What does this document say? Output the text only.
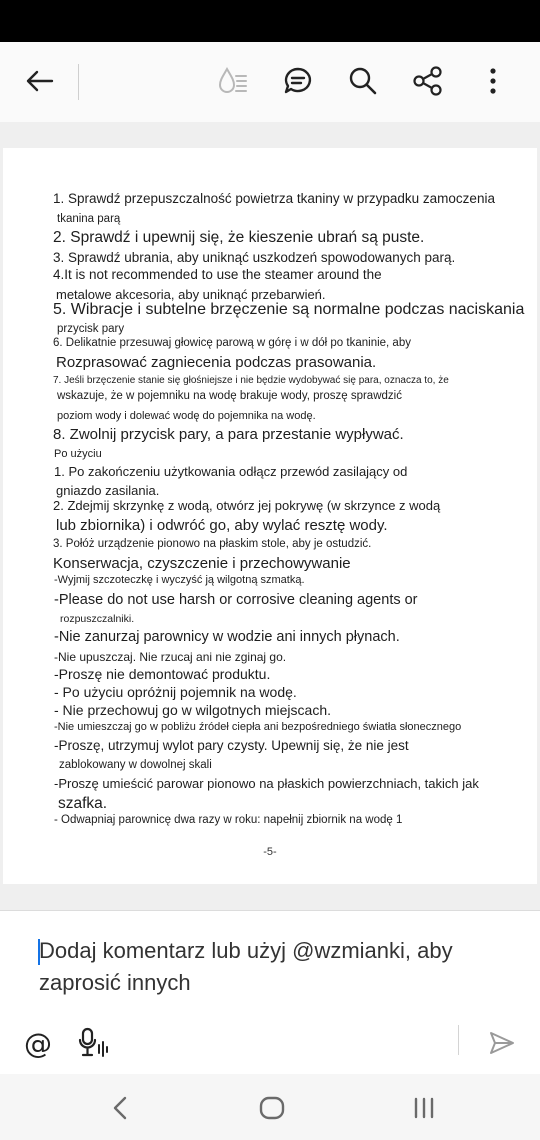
1. Sprawdź przepuszczalność powietrza tkaniny w przypadku zamoczenia
tkanina parą
2. Sprawdź i upewnij się, że kieszenie ubrań są puste.
3. Sprawdź ubrania, aby uniknąć uszkodzeń spowodowanych parą.
4.It is not recommended to use the steamer around the
metalowe akcesoria, aby uniknąć przebarwień.
5. Wibracje i subtelne brzęczenie są normalne podczas naciskania
przycisk pary
6. Delikatnie przesuwaj głowicę parową w górę i w dół po tkaninie, aby
Rozprasować zagniecenia podczas prasowania.
7. Jeśli brzęczenie stanie się głośniejsze i nie będzie wydobywać się para, oznacza to, że
wskazuje, że w pojemniku na wodę brakuje wody, proszę sprawdzić
poziom wody i dolewać wodę do pojemnika na wodę.
8. Zwolnij przycisk pary, a para przestanie wypływać.
Po użyciu
1. Po zakończeniu użytkowania odłącz przewód zasilający od
gniazdo zasilania.
2. Zdejmij skrzynkę z wodą, otwórz jej pokrywę (w skrzynce z wodą
lub zbiornika) i odwróć go, aby wylać resztę wody.
3. Połóż urządzenie pionowo na płaskim stole, aby je ostudzić.
Konserwacja, czyszczenie i przechowywanie
-Wyjmij szczoteczkę i wyczyść ją wilgotną szmatką.
-Please do not use harsh or corrosive cleaning agents or
rozpuszczalniki.
-Nie zanurzaj parownicy w wodzie ani innych płynach.
-Nie upuszczaj. Nie rzucaj ani nie zginaj go.
-Proszę nie demontować produktu.
- Po użyciu opróżnij pojemnik na wodę.
- Nie przechowuj go w wilgotnych miejscach.
-Nie umieszczaj go w pobliżu źródeł ciepła ani bezpośredniego światła słonecznego
-Proszę, utrzymuj wylot pary czysty. Upewnij się, że nie jest
zablokowany w dowolnej skali
-Proszę umieścić parowar pionowo na płaskich powierzchniach, takich jak
szafka.
- Odwapniaj parownicę dwa razy w roku: napełnij zbiornik na wodę 1
-5-
Dodaj komentarz lub użyj @wzmianki, aby zaprosić innych
@
